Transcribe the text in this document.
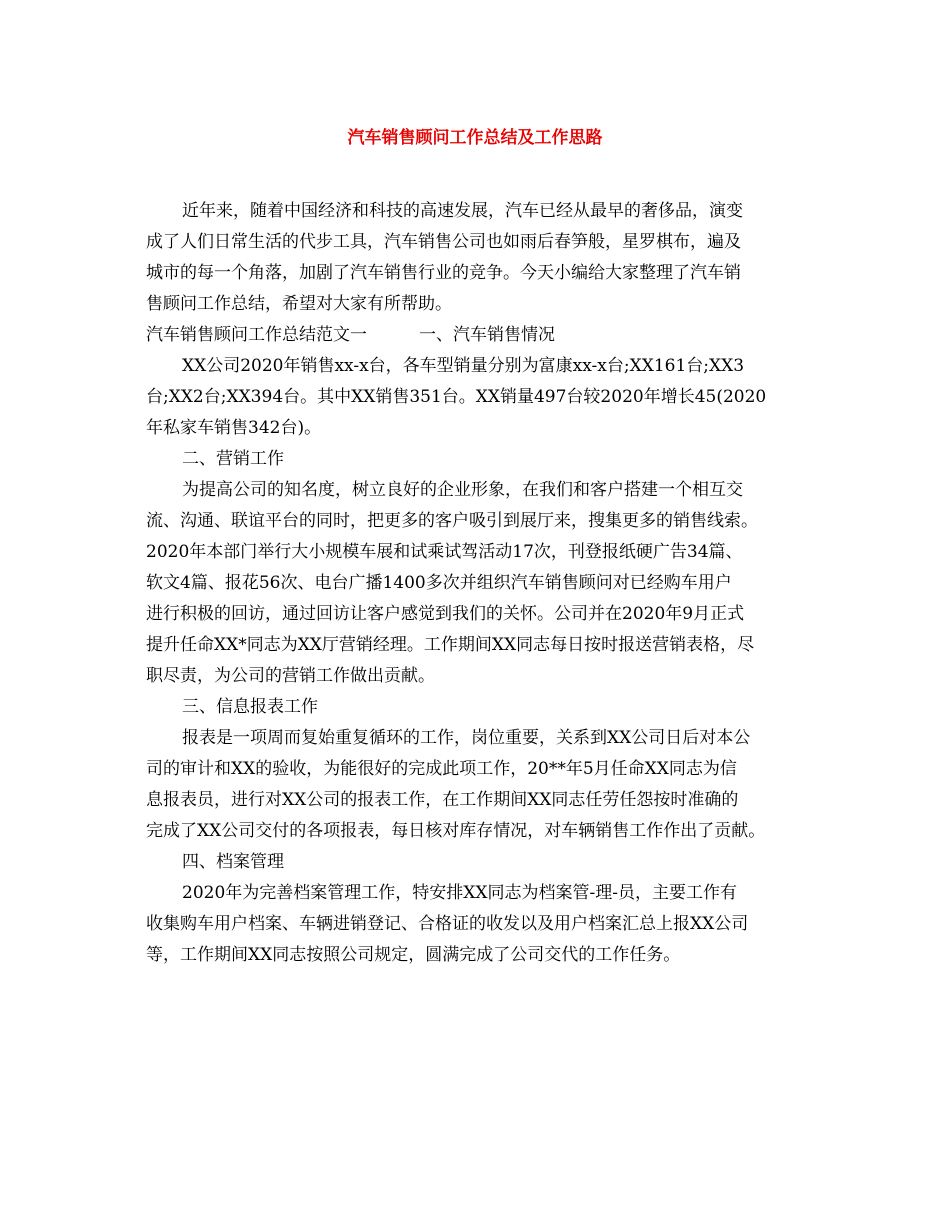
汽车销售顾问工作总结及工作思路
近年来，随着中国经济和科技的高速发展，汽车已经从最早的奢侈品，演变
成了人们日常生活的代步工具，汽车销售公司也如雨后春笋般，星罗棋布，遍及
城市的每一个角落，加剧了汽车销售行业的竞争。今天小编给大家整理了汽车销
售顾问工作总结，希望对大家有所帮助。
汽车销售顾问工作总结范文一	一、汽车销售情况
XX公司2020年销售xx-x台，各车型销量分别为富康xx-x台;XX161台;XX3
台;XX2台;XX394台。其中XX销售351台。XX销量497台较2020年增长45(2020
年私家车销售342台)。
二、营销工作
为提高公司的知名度，树立良好的企业形象，在我们和客户搭建一个相互交
流、沟通、联谊平台的同时，把更多的客户吸引到展厅来，搜集更多的销售线索。
2020年本部门举行大小规模车展和试乘试驾活动17次，刊登报纸硬广告34篇、
软文4篇、报花56次、电台广播1400多次并组织汽车销售顾问对已经购车用户
进行积极的回访，通过回访让客户感觉到我们的关怀。公司并在2020年9月正式
提升任命XX*同志为XX厅营销经理。工作期间XX同志每日按时报送营销表格，尽
职尽责，为公司的营销工作做出贡献。
三、信息报表工作
报表是一项周而复始重复循环的工作，岗位重要，关系到XX公司日后对本公
司的审计和XX的验收，为能很好的完成此项工作，20**年5月任命XX同志为信
息报表员，进行对XX公司的报表工作，在工作期间XX同志任劳任怨按时准确的
完成了XX公司交付的各项报表，每日核对库存情况，对车辆销售工作作出了贡献。
四、档案管理
2020年为完善档案管理工作，特安排XX同志为档案管-理-员，主要工作有
收集购车用户档案、车辆进销登记、合格证的收发以及用户档案汇总上报XX公司
等，工作期间XX同志按照公司规定，圆满完成了公司交代的工作任务。
